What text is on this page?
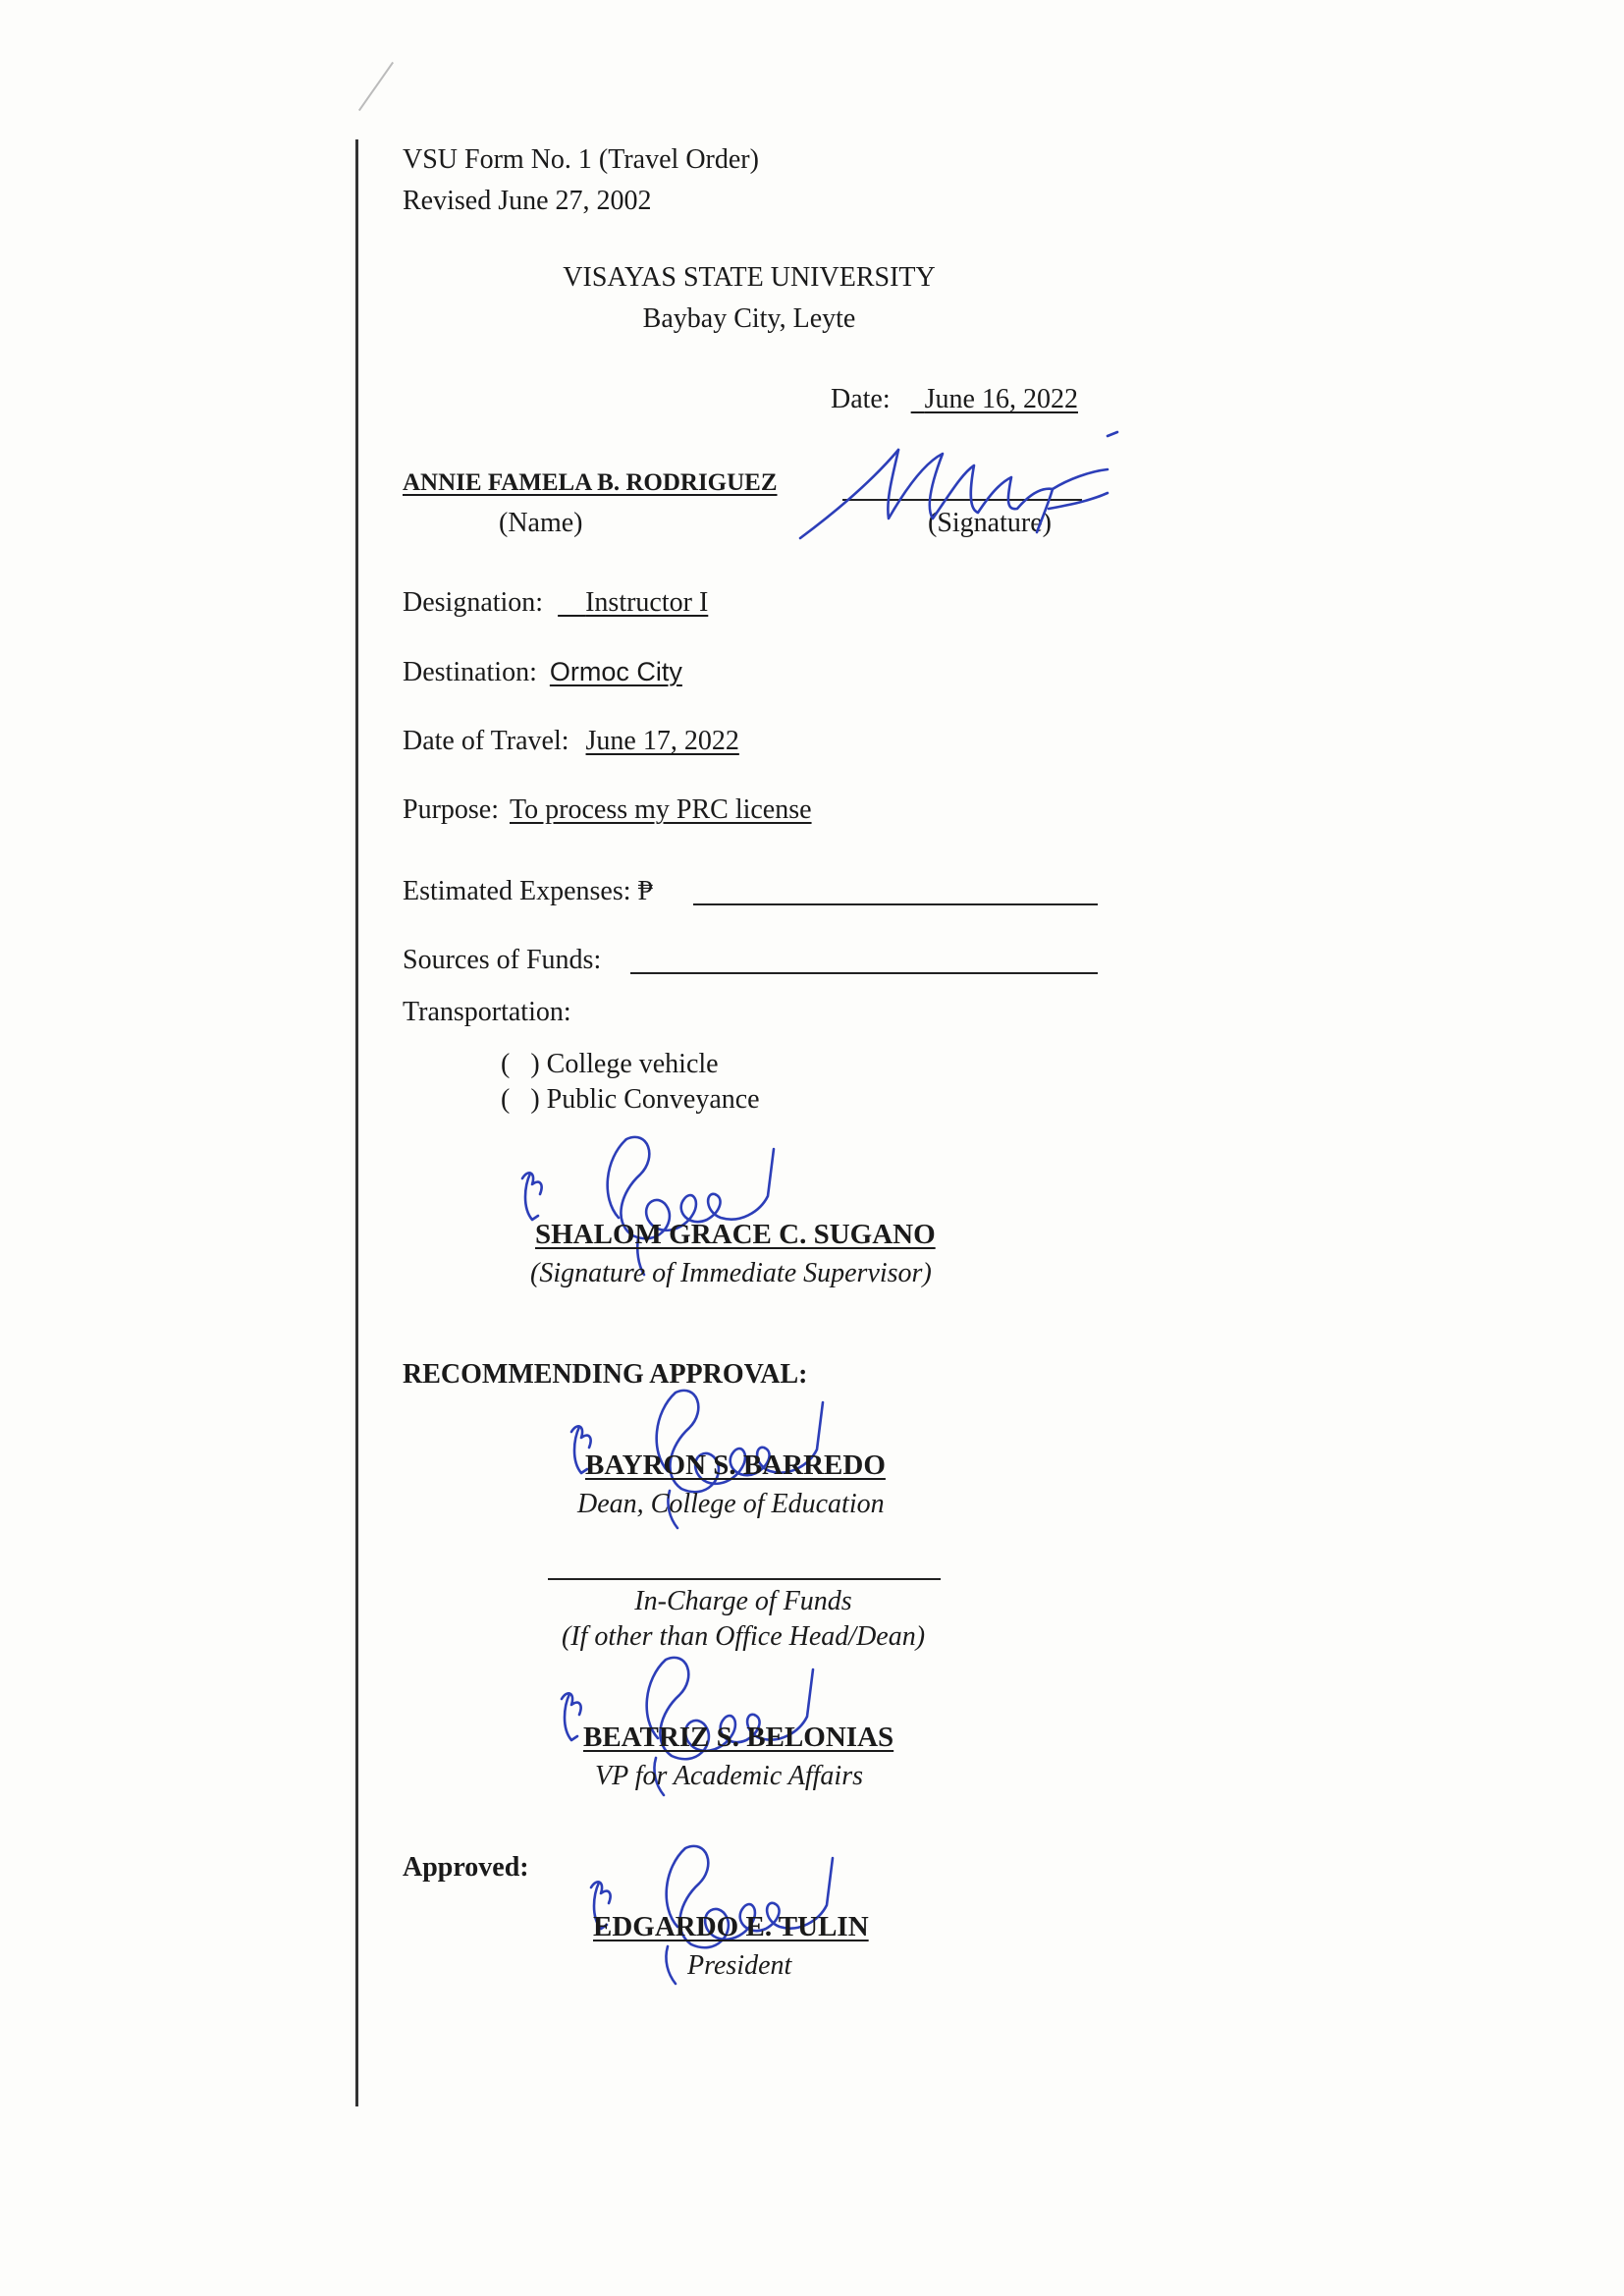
VSU Form No. 1 (Travel Order)
Revised June 27, 2002
VISAYAS STATE UNIVERSITY
Baybay City, Leyte
Date: June 16, 2022
ANNIE FAMELA B. RODRIGUEZ
(Name)	(Signature)
Designation: Instructor I
Destination: Ormoc City
Date of Travel: June 17, 2022
Purpose: To process my PRC license
Estimated Expenses: ₱
Sources of Funds:
Transportation:
(   ) College vehicle
(   ) Public Conveyance
SHALOM GRACE C. SUGANO
(Signature of Immediate Supervisor)
RECOMMENDING APPROVAL:
BAYRON S. BARREDO
Dean, College of Education
In-Charge of Funds
(If other than Office Head/Dean)
BEATRIZ S. BELONIAS
VP for Academic Affairs
Approved:
EDGARDO E. TULIN
President
